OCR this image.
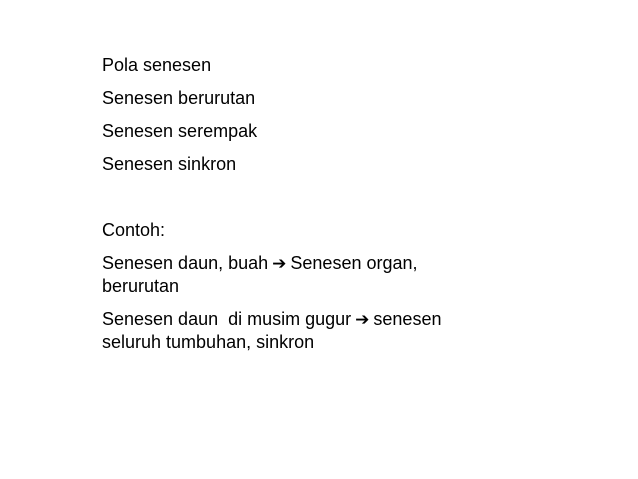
Pola senesen
Senesen berurutan
Senesen serempak
Senesen sinkron
Contoh:
Senesen daun, buah ➔ Senesen organ,
berurutan
Senesen daun  di musim gugur ➔ senesen
seluruh tumbuhan, sinkron
